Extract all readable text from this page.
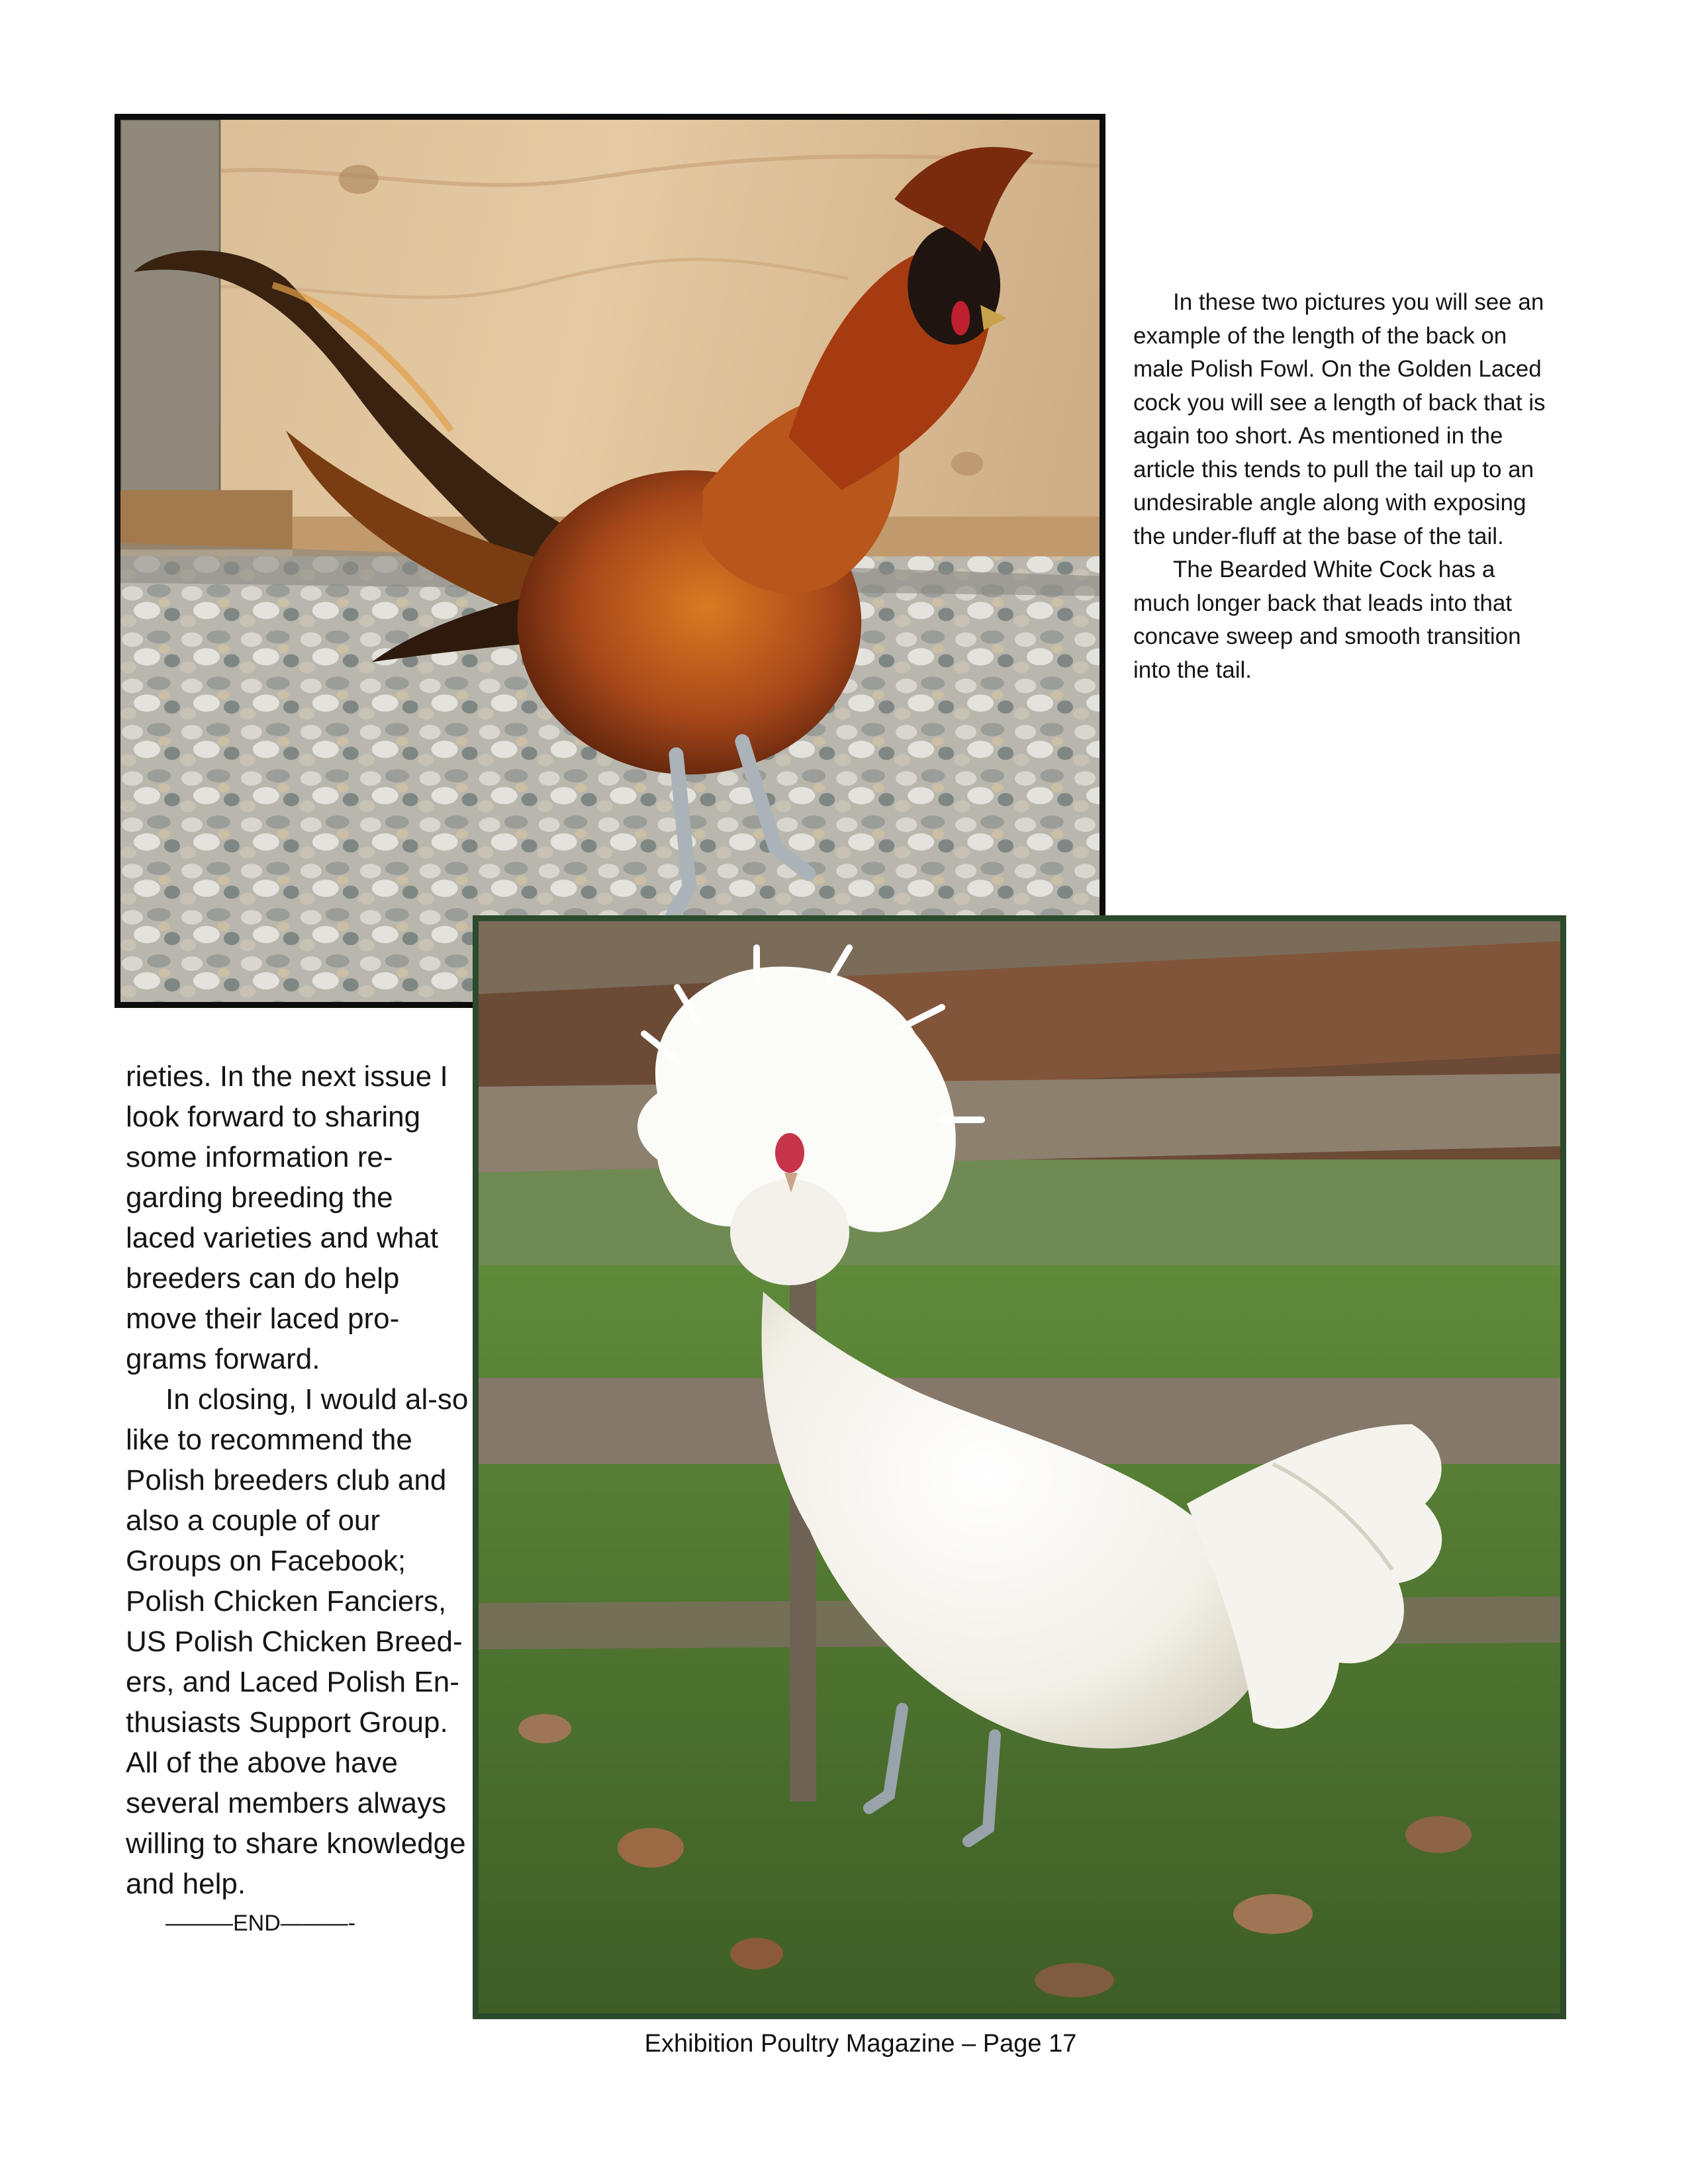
In these two pictures you will see an example of the length of the back on male Polish Fowl. On the Golden Laced cock you will see a length of back that is again too short. As mentioned in the article this tends to pull the tail up to an undesirable angle along with exposing the under-fluff at the base of the tail.

The Bearded White Cock has a much longer back that leads into that concave sweep and smooth transition into the tail.

rieties. In the next issue I look forward to sharing some information re-garding breeding the laced varieties and what breeders can do help move their laced pro-grams forward.

In closing, I would al-so like to recommend the Polish breeders club and also a couple of our Groups on Facebook; Polish Chicken Fanciers, US Polish Chicken Breed-ers, and Laced Polish En-thusiasts Support Group. All of the above have several members always willing to share knowledge and help.

———END———-

Exhibition Poultry Magazine – Page 17
